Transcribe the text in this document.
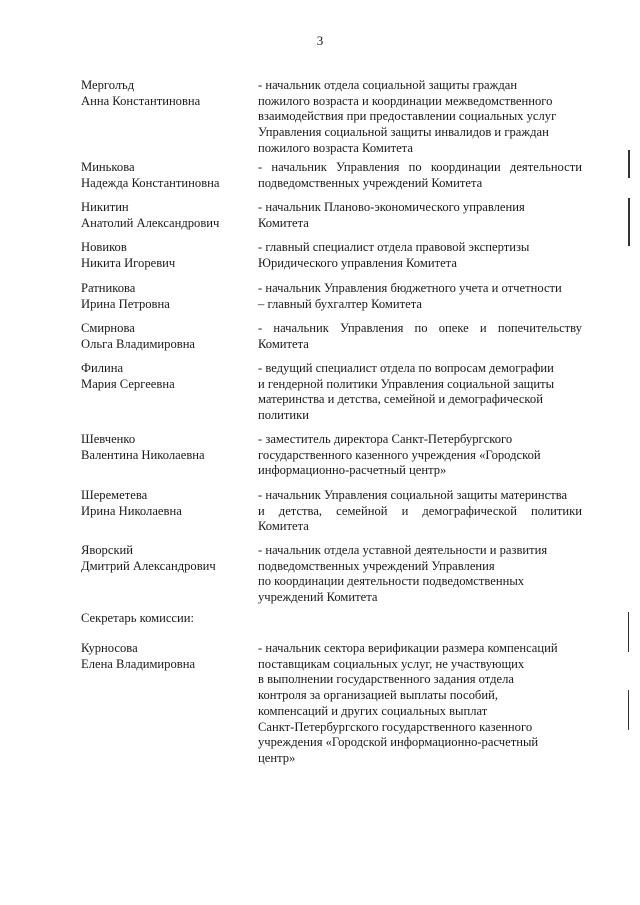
3
Мерголъд
Анна Константиновна
- начальник отдела социальной защиты граждан
пожилого возраста и координации межведомственного
взаимодействия при предоставлении социальных услуг
Управления социальной защиты инвалидов и граждан
пожилого возраста Комитета
Минькова
Надежда Константиновна
- начальник Управления по координации деятельности
подведомственных учреждений Комитета
Никитин
Анатолий Александрович
- начальник Планово-экономического управления
Комитета
Новиков
Никита Игоревич
- главный специалист отдела правовой экспертизы
Юридического управления Комитета
Ратникова
Ирина Петровна
- начальник Управления бюджетного учета и отчетности
– главный бухгалтер Комитета
Смирнова
Ольга Владимировна
- начальник Управления по опеке и попечительству
Комитета
Филина
Мария Сергеевна
- ведущий специалист отдела по вопросам демографии
и гендерной политики Управления социальной защиты
материнства и детства, семейной и демографической
политики
Шевченко
Валентина Николаевна
- заместитель директора Санкт-Петербургского
государственного казенного учреждения «Городской
информационно-расчетный центр»
Шереметева
Ирина Николаевна
- начальник Управления социальной защиты материнства
и детства, семейной и демографической политики
Комитета
Яворский
Дмитрий Александрович
- начальник отдела уставной деятельности и развития
подведомственных учреждений Управления
по координации деятельности подведомственных
учреждений Комитета
Секретарь комиссии:
Курносова
Елена Владимировна
- начальник сектора верификации размера компенсаций
поставщикам социальных услуг, не участвующих
в выполнении государственного задания отдела
контроля за организацией выплаты пособий,
компенсаций и других социальных выплат
Санкт-Петербургского государственного казенного
учреждения «Городской информационно-расчетный
центр»
